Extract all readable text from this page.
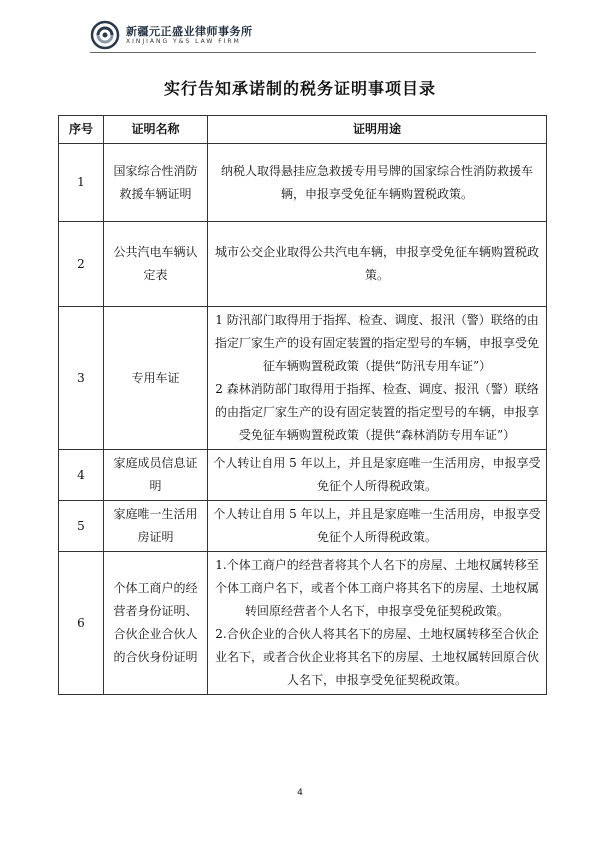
新疆元正盛业律师事务所
XINJIANG Y&S LAW FIRM
实行告知承诺制的税务证明事项目录
序号	证明名称	证明用途
1	国家综合性消防救援车辆证明	纳税人取得悬挂应急救援专用号牌的国家综合性消防救援车辆，申报享受免征车辆购置税政策。

2	公共汽电车辆认定表	城市公交企业取得公共汽电车辆，申报享受免征车辆购置税政策。

3	专用车证	1 防汛部门取得用于指挥、检查、调度、报汛（警）联络的由指定厂家生产的设有固定装置的指定型号的车辆，申报享受免征车辆购置税政策（提供“防汛专用车证”）
2 森林消防部门取得用于指挥、检查、调度、报汛（警）联络的由指定厂家生产的设有固定装置的指定型号的车辆，申报享受免征车辆购置税政策（提供“森林消防专用车证”）

4	家庭成员信息证明	个人转让自用 5 年以上，并且是家庭唯一生活用房，申报享受免征个人所得税政策。

5	家庭唯一生活用房证明	个人转让自用 5 年以上，并且是家庭唯一生活用房，申报享受免征个人所得税政策。

6	个体工商户的经营者身份证明、合伙企业合伙人的合伙身份证明	1.个体工商户的经营者将其个人名下的房屋、土地权属转移至个体工商户名下，或者个体工商户将其名下的房屋、土地权属转回原经营者个人名下，申报享受免征契税政策。
2.合伙企业的合伙人将其名下的房屋、土地权属转移至合伙企业名下，或者合伙企业将其名下的房屋、土地权属转回原合伙人名下，申报享受免征契税政策。
4
